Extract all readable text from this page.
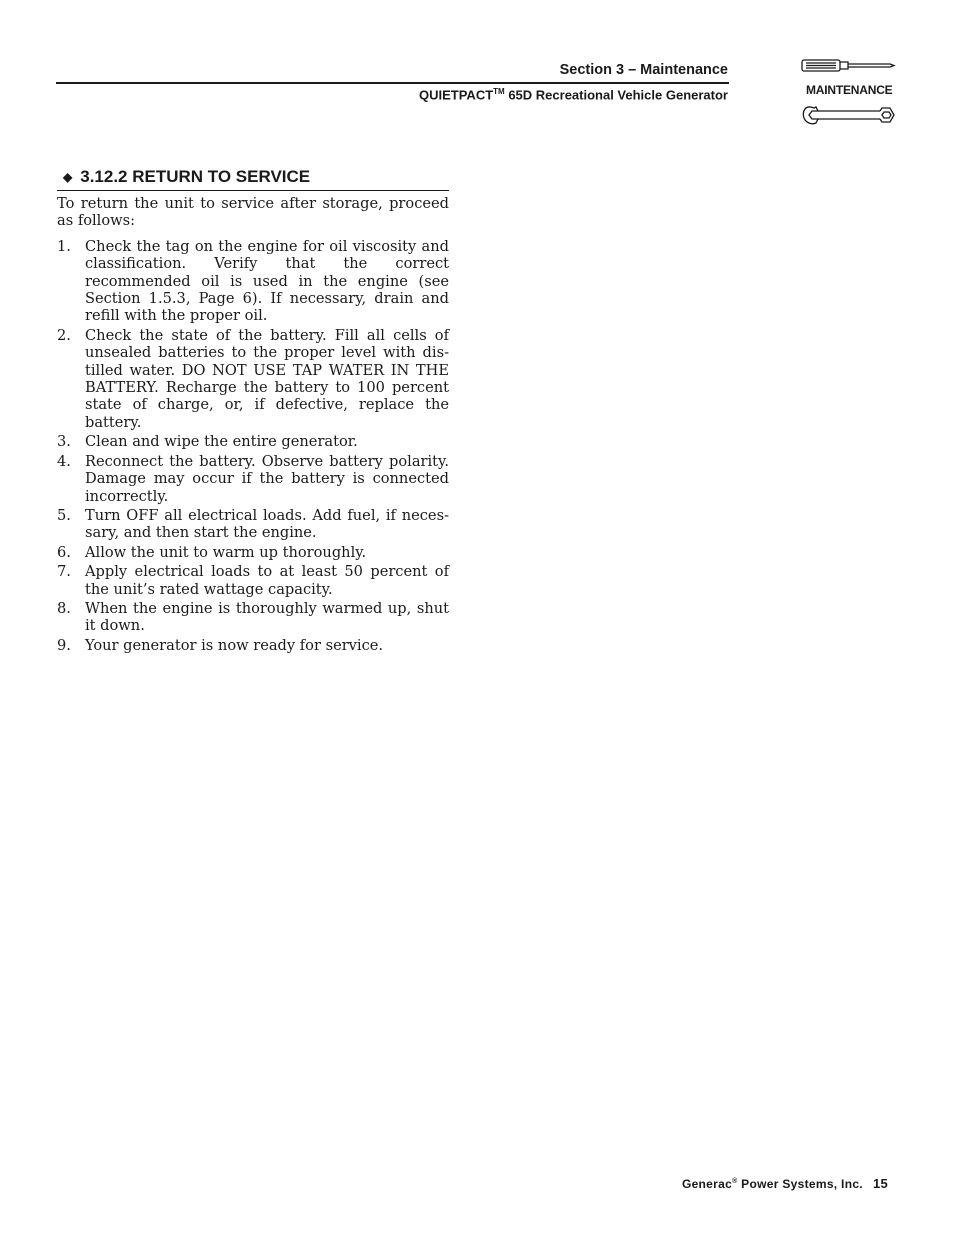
Section 3 – Maintenance
QUIETPACT™ 65D Recreational Vehicle Generator	MAINTENANCE
◆ 3.12.2 RETURN TO SERVICE

To return the unit to service after storage, proceed as follows:

1. Check the tag on the engine for oil viscosity and classification. Verify that the correct recommended oil is used in the engine (see Section 1.5.3, Page 6). If necessary, drain and refill with the proper oil.
2. Check the state of the battery. Fill all cells of unsealed batteries to the proper level with distilled water. DO NOT USE TAP WATER IN THE BATTERY. Recharge the battery to 100 percent state of charge, or, if defective, replace the battery.
3. Clean and wipe the entire generator.
4. Reconnect the battery. Observe battery polarity. Damage may occur if the battery is connected incorrectly.
5. Turn OFF all electrical loads. Add fuel, if necessary, and then start the engine.
6. Allow the unit to warm up thoroughly.
7. Apply electrical loads to at least 50 percent of the unit’s rated wattage capacity.
8. When the engine is thoroughly warmed up, shut it down.
9. Your generator is now ready for service.
Generac® Power Systems, Inc. 15
